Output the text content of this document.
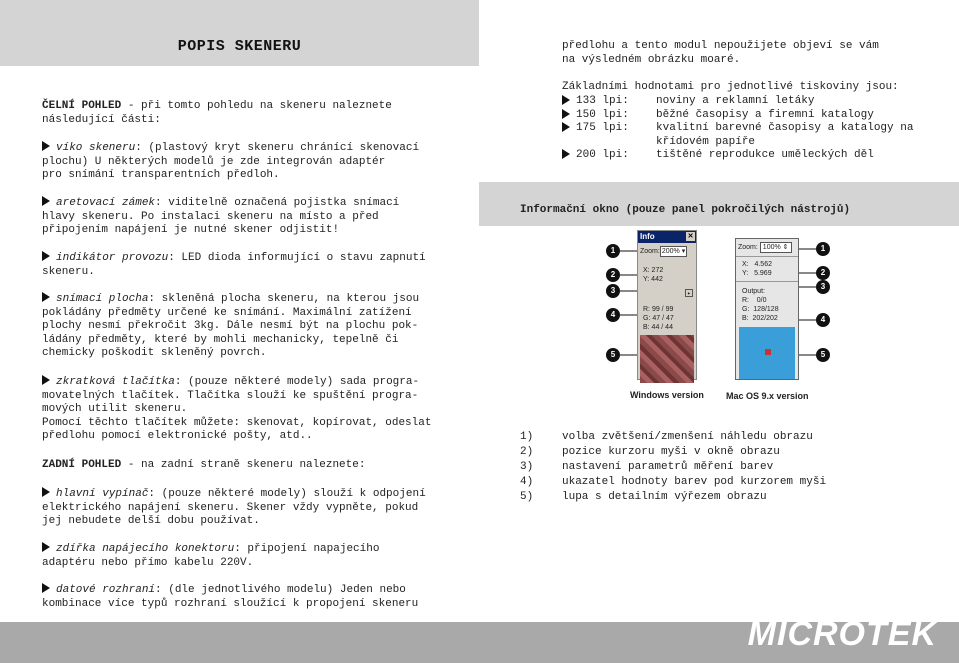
POPIS SKENERU
ČELNÍ POHLED - při tomto pohledu na skeneru naleznete
následující části:
víko skeneru: (plastový kryt skeneru chránící skenovací
plochu) U některých modelů je zde integrován adaptér
pro snímání transparentních předloh.
aretovací zámek: viditelně označená pojistka snímací
hlavy skeneru. Po instalaci skeneru na místo a před
připojením napájení je nutné skener odjistit!
indikátor provozu: LED dioda informující o stavu zapnutí
skeneru.
snímací plocha: skleněná plocha skeneru, na kterou jsou
pokládány předměty určené ke snímání. Maximální zatížení
plochy nesmí překročit 3kg. Dále nesmí být na plochu pok-
ládány předměty, které by mohli mechanicky, tepelně či
chemicky poškodit skleněný povrch.
zkratková tlačítka: (pouze některé modely) sada progra-
movatelných tlačítek. Tlačítka slouží ke spuštění progra-
mových utilit skeneru.
Pomocí těchto tlačítek můžete: skenovat, kopírovat, odeslat
předlohu pomocí elektronické pošty, atd..
ZADNÍ POHLED - na zadní straně skeneru naleznete:
hlavní vypínač: (pouze některé modely) slouží k odpojení
elektrického napájení skeneru. Skener vždy vypněte, pokud
jej nebudete delší dobu používat.
zdířka napájecího konektoru: připojení napajecího
adaptéru nebo přímo kabelu 220V.
datové rozhraní: (dle jednotlivého modelu) Jeden nebo
kombinace více typů rozhraní sloužící k propojení skeneru
předlohu a tento modul nepoužijete objeví se vám
na výsledném obrázku moaré.
Základními hodnotami pro jednotlivé tiskoviny jsou:
133 lpi:	noviny a reklamní letáky
150 lpi:	běžné časopisy a firemní katalogy
175 lpi:	kvalitní barevné časopisy a katalogy na
křídovém papíře
200 lpi:	tištěné reprodukce uměleckých děl
Informační okno (pouze panel pokročilých nástrojů)
1
2
3
4
5
1
2
3
4
5
Info	✕
Zoom: 200% ▾
X: 272
Y: 442
▸
R: 99 / 99
G: 47 / 47
B: 44 / 44
Zoom: 100% ⇕
X: 4.562
Y: 5.969
Output:
R: 0/0
G: 128/128
B: 202/202
Windows version Mac OS 9.x version
1)	volba zvětšení/zmenšení náhledu obrazu
2)	pozice kurzoru myši v okně obrazu
3)	nastavení parametrů měření barev
4)	ukazatel hodnoty barev pod kurzorem myši
5)	lupa s detailním výřezem obrazu
MICROTEK
